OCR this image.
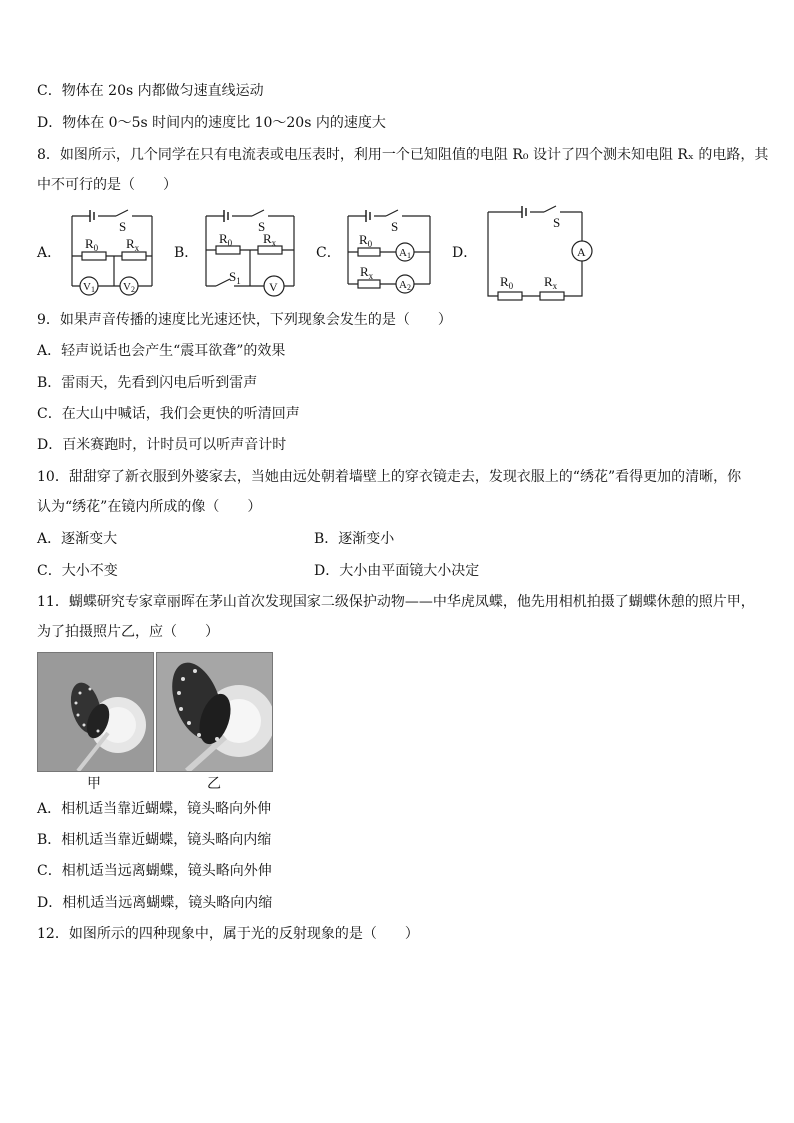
C．物体在 20s 内都做匀速直线运动
D．物体在 0～5s 时间内的速度比 10～20s 内的速度大
8．如图所示，几个同学在只有电流表或电压表时，利用一个已知阻值的电阻 R₀ 设计了四个测未知电阻 Rₓ 的电路，其
中不可行的是（　　）
A．
S
$R_0$ $R_x$
V1	V2
B．
S
$R_0$ $R_x$
$S_1$ V
C．
S
$R_0$
$R_x$
A1
A2
D．
S
$R_0$ $R_x$
A
9．如果声音传播的速度比光速还快，下列现象会发生的是（　　）
A．轻声说话也会产生“震耳欲聋”的效果
B．雷雨天，先看到闪电后听到雷声
C．在大山中喊话，我们会更快的听清回声
D．百米赛跑时，计时员可以听声音计时
10．甜甜穿了新衣服到外婆家去，当她由远处朝着墙壁上的穿衣镜走去，发现衣服上的“绣花”看得更加的清晰，你
认为“绣花”在镜内所成的像（　　）
A．逐渐变大	B．逐渐变小
C．大小不变	D．大小由平面镜大小决定
11．蝴蝶研究专家章丽晖在茅山首次发现国家二级保护动物——中华虎凤蝶，他先用相机拍摄了蝴蝶休憩的照片甲，
为了拍摄照片乙，应（　　）
甲	乙
A．相机适当靠近蝴蝶，镜头略向外伸
B．相机适当靠近蝴蝶，镜头略向内缩
C．相机适当远离蝴蝶，镜头略向外伸
D．相机适当远离蝴蝶，镜头略向内缩
12．如图所示的四种现象中，属于光的反射现象的是（　　）
